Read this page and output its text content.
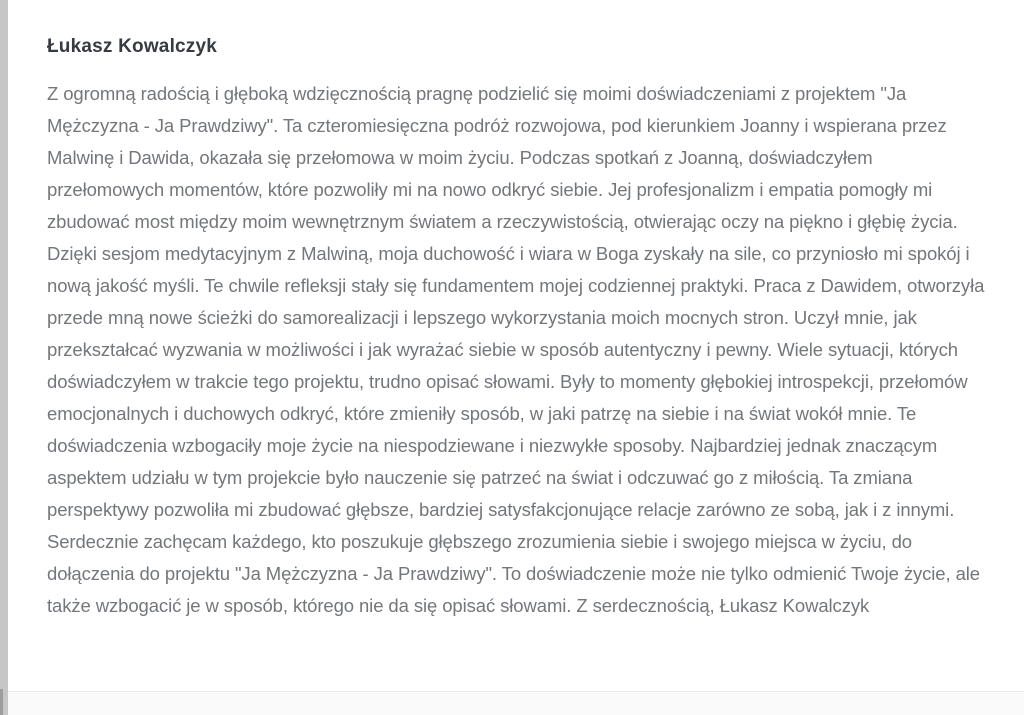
Łukasz Kowalczyk

Z ogromną radością i głęboką wdzięcznością pragnę podzielić się moimi doświadczeniami z projektem "Ja Mężczyzna - Ja Prawdziwy". Ta czteromiesięczna podróż rozwojowa, pod kierunkiem Joanny i wspierana przez Malwinę i Dawida, okazała się przełomowa w moim życiu. Podczas spotkań z Joanną, doświadczyłem przełomowych momentów, które pozwoliły mi na nowo odkryć siebie. Jej profesjonalizm i empatia pomogły mi zbudować most między moim wewnętrznym światem a rzeczywistością, otwierając oczy na piękno i głębię życia. Dzięki sesjom medytacyjnym z Malwiną, moja duchowość i wiara w Boga zyskały na sile, co przyniosło mi spokój i nową jakość myśli. Te chwile refleksji stały się fundamentem mojej codziennej praktyki. Praca z Dawidem, otworzyła przede mną nowe ścieżki do samorealizacji i lepszego wykorzystania moich mocnych stron. Uczył mnie, jak przekształcać wyzwania w możliwości i jak wyrażać siebie w sposób autentyczny i pewny. Wiele sytuacji, których doświadczyłem w trakcie tego projektu, trudno opisać słowami. Były to momenty głębokiej introspekcji, przełomów emocjonalnych i duchowych odkryć, które zmieniły sposób, w jaki patrzę na siebie i na świat wokół mnie. Te doświadczenia wzbogaciły moje życie na niespodziewane i niezwykłe sposoby. Najbardziej jednak znaczącym aspektem udziału w tym projekcie było nauczenie się patrzeć na świat i odczuwać go z miłością. Ta zmiana perspektywy pozwoliła mi zbudować głębsze, bardziej satysfakcjonujące relacje zarówno ze sobą, jak i z innymi. Serdecznie zachęcam każdego, kto poszukuje głębszego zrozumienia siebie i swojego miejsca w życiu, do dołączenia do projektu "Ja Mężczyzna - Ja Prawdziwy". To doświadczenie może nie tylko odmienić Twoje życie, ale także wzbogacić je w sposób, którego nie da się opisać słowami. Z serdecznością, Łukasz Kowalczyk
